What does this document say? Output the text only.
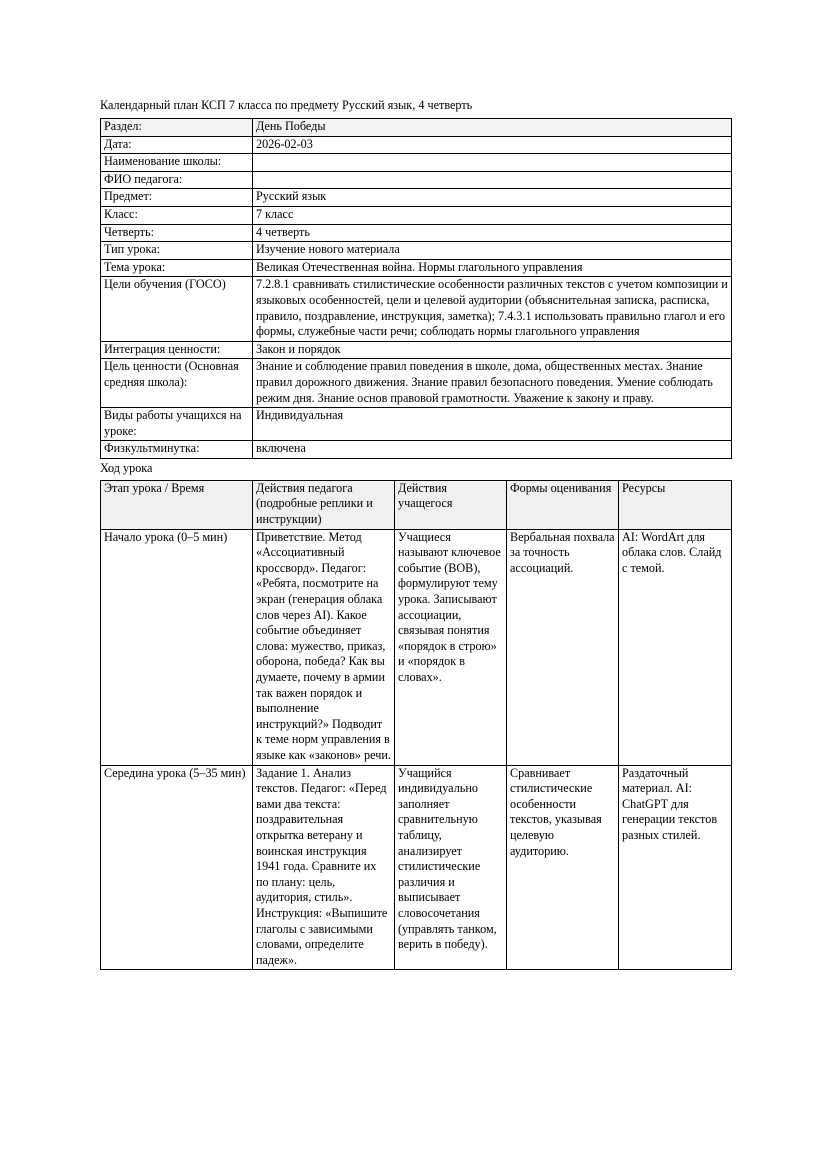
Календарный план КСП 7 класса по предмету Русский язык, 4 четверть

Раздел:	День Победы
Дата:	2026-02-03
Наименование школы:	
ФИО педагога:	
Предмет:	Русский язык
Класс:	7 класс
Четверть:	4 четверть
Тип урока:	Изучение нового материала
Тема урока:	Великая Отечественная война. Нормы глагольного управления
Цели обучения (ГОСО)	7.2.8.1 сравнивать стилистические особенности различных текстов с учетом композиции и языковых особенностей, цели и целевой аудитории (объяснительная записка, расписка, правило, поздравление, инструкция, заметка); 7.4.3.1 использовать правильно глагол и его формы, служебные части речи; соблюдать нормы глагольного управления
Интеграция ценности:	Закон и порядок
Цель ценности (Основная средняя школа):	Знание и соблюдение правил поведения в школе, дома, общественных местах. Знание правил дорожного движения. Знание правил безопасного поведения. Умение соблюдать режим дня. Знание основ правовой грамотности. Уважение к закону и праву.
Виды работы учащихся на уроке:	Индивидуальная
Физкультминутка:	включена

Ход урока

Этап урока / Время	Действия педагога (подробные реплики и инструкции)	Действия учащегося	Формы оценивания	Ресурсы
Начало урока (0–5 мин)	Приветствие. Метод «Ассоциативный кроссворд». Педагог: «Ребята, посмотрите на экран (генерация облака слов через AI). Какое событие объединяет слова: мужество, приказ, оборона, победа? Как вы думаете, почему в армии так важен порядок и выполнение инструкций?» Подводит к теме норм управления в языке как «законов» речи.	Учащиеся называют ключевое событие (ВОВ), формулируют тему урока. Записывают ассоциации, связывая понятия «порядок в строю» и «порядок в словах».	Вербальная похвала за точность ассоциаций.	AI: WordArt для облака слов. Слайд с темой.
Середина урока (5–35 мин)	Задание 1. Анализ текстов. Педагог: «Перед вами два текста: поздравительная открытка ветерану и воинская инструкция 1941 года. Сравните их по плану: цель, аудитория, стиль». Инструкция: «Выпишите глаголы с зависимыми словами, определите падеж».	Учащийся индивидуально заполняет сравнительную таблицу, анализирует стилистические различия и выписывает словосочетания (управлять танком, верить в победу).	Сравнивает стилистические особенности текстов, указывая целевую аудиторию.	Раздаточный материал. AI: ChatGPT для генерации текстов разных стилей.
